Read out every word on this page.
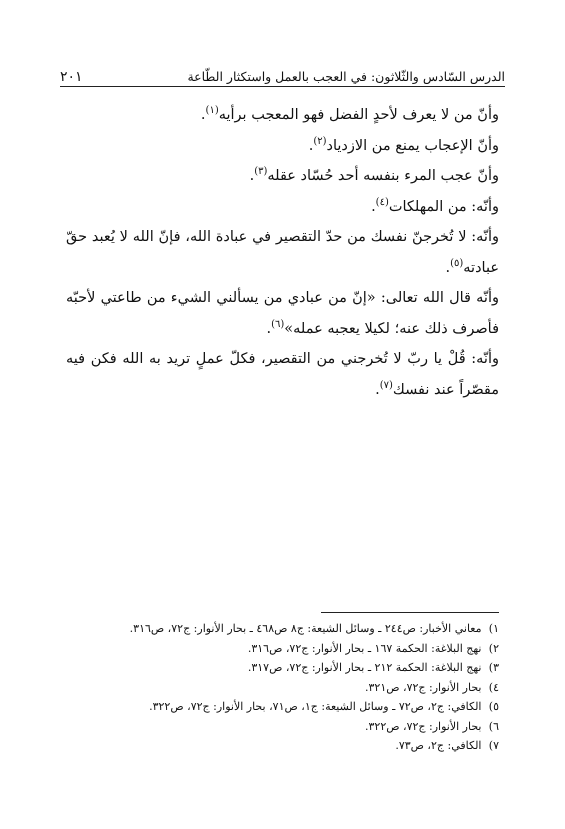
الدرس السّادس والثّلاثون: في العجب بالعمل واستكثار الطّاعة
٢٠١

وأنّ من لا يعرف لأحدٍ الفضل فهو المعجب برأيه$^{(١)}$.

وأنّ الإعجاب يمنع من الازدياد$^{(٢)}$.

وأنّ عجب المرء بنفسه أحد حُسّاد عقله$^{(٣)}$.

وأنّه: من المهلكات$^{(٤)}$.

وأنّه: لا تُخرجنّ نفسك من حدّ التقصير في عبادة الله، فإنّ الله لا يُعبد حقّ عبادته$^{(٥)}$.

وأنّه قال الله تعالى: «إنّ من عبادي من يسألني الشيء من طاعتي لأحبّه فأصرف ذلك عنه؛ لكيلا يعجبه عمله»$^{(٦)}$.

وأنّه: قُلْ يا ربّ لا تُخرجني من التقصير، فكلّ عملٍ تريد به الله فكن فيه مقصّراً عند نفسك$^{(٧)}$.

١) معاني الأخبار: ص٢٤٤ ـ وسائل الشيعة: ج٨ ص٤٦٨ ـ بحار الأنوار: ج٧٢، ص٣١٦.
٢) نهج البلاغة: الحكمة ١٦٧ ـ بحار الأنوار: ج٧٢، ص٣١٦.
٣) نهج البلاغة: الحكمة ٢١٢ ـ بحار الأنوار: ج٧٢، ص٣١٧.
٤) بحار الأنوار: ج٧٢، ص٣٢١.
٥) الكافي: ج٢، ص٧٢ ـ وسائل الشيعة: ج١، ص٧١، بحار الأنوار: ج٧٢، ص٣٢٢.
٦) بحار الأنوار: ج٧٢، ص٣٢٢.
٧) الكافي: ج٢، ص٧٣.
